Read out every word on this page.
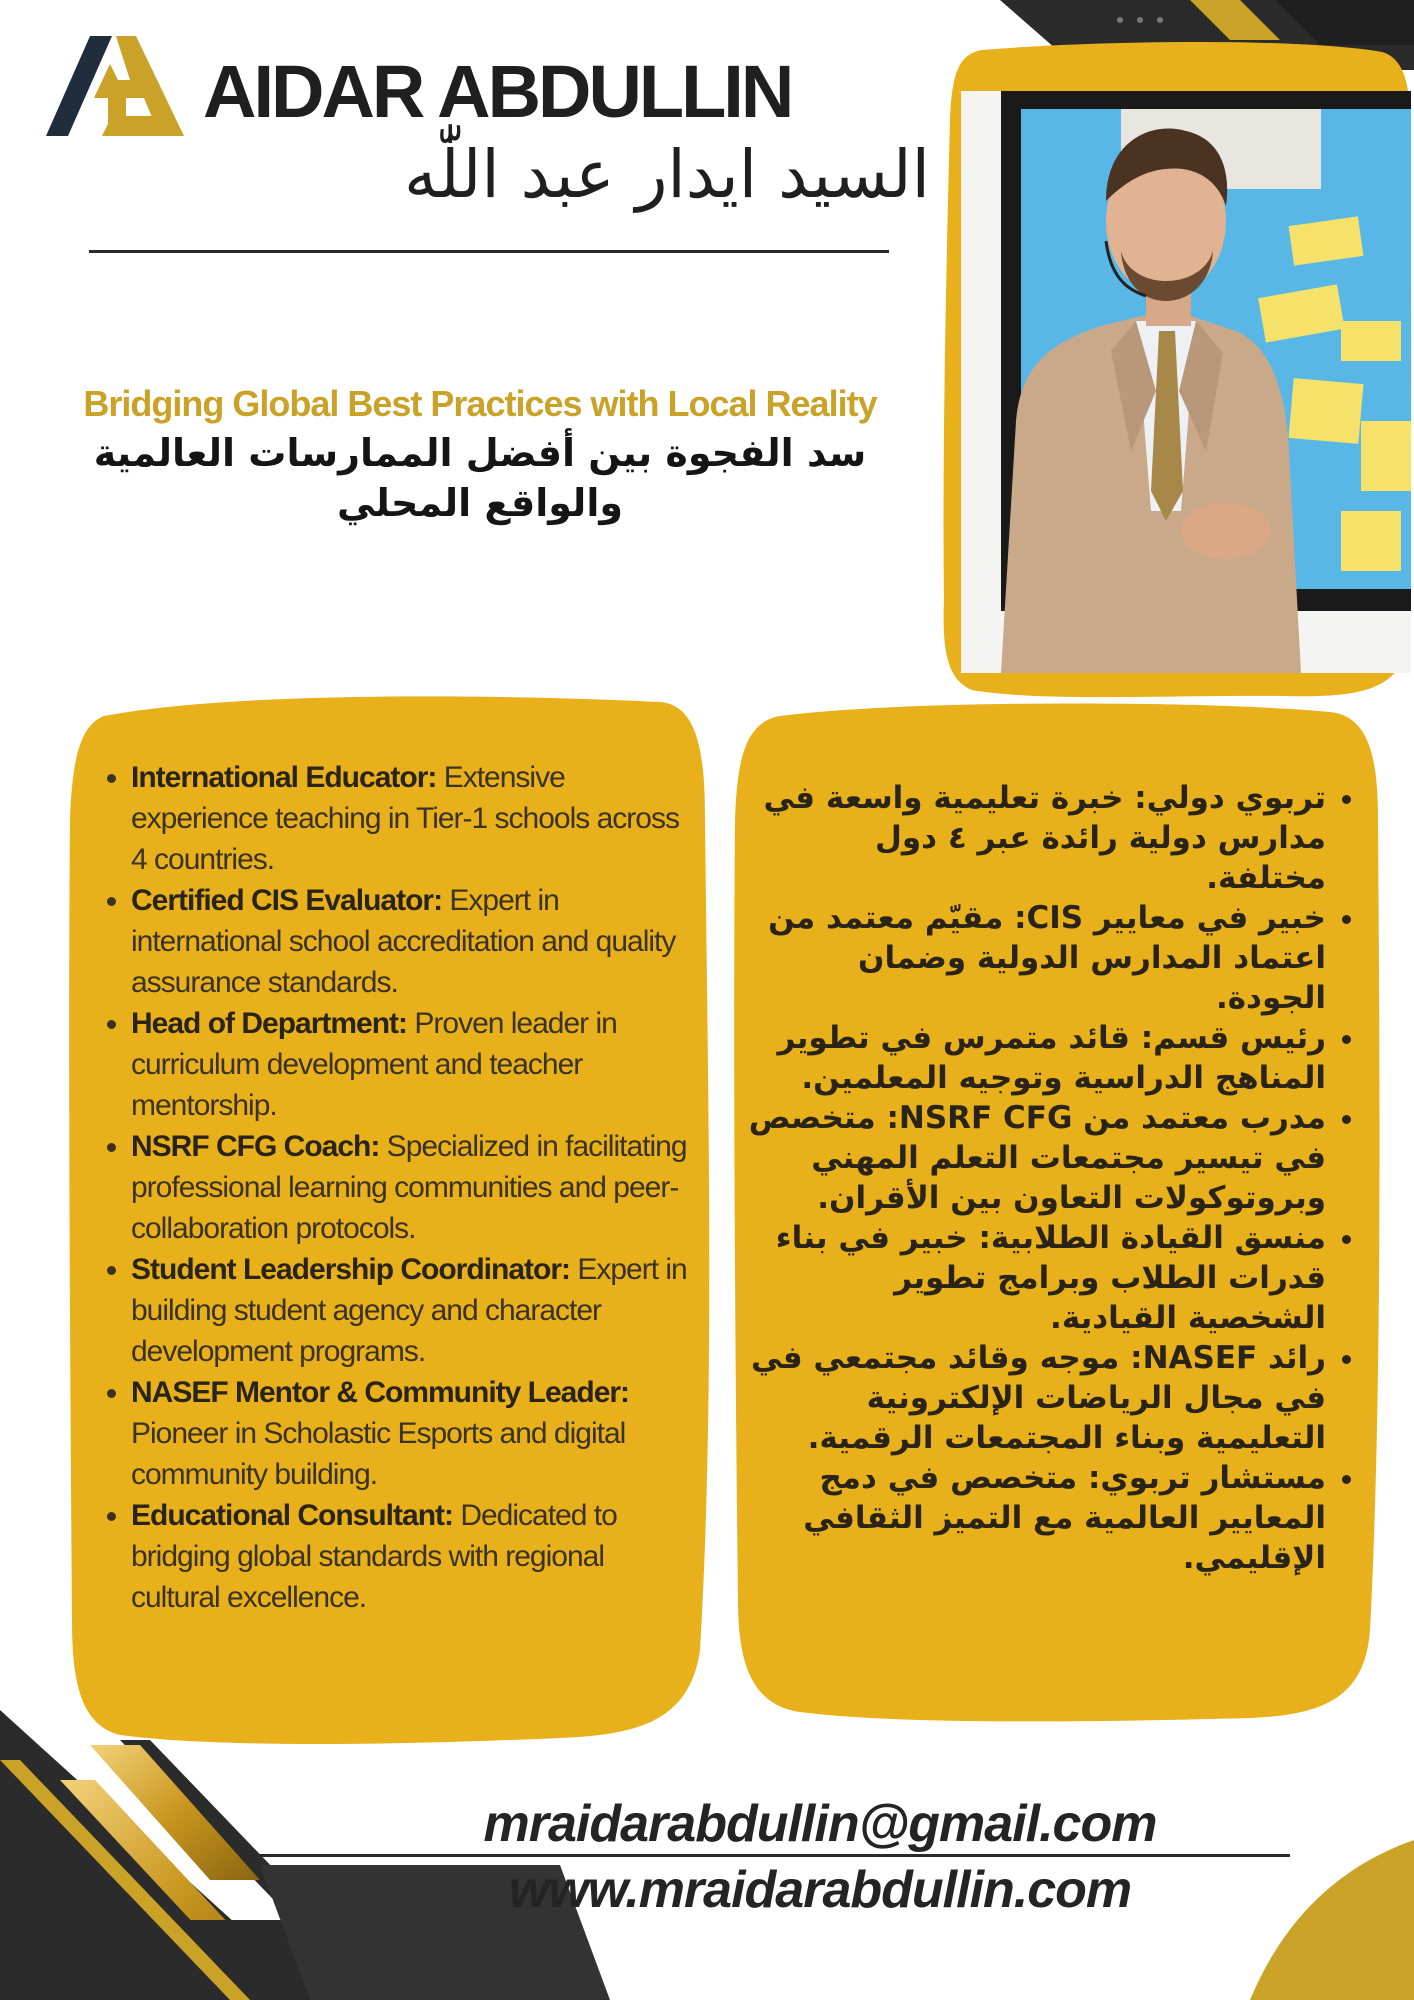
AIDAR ABDULLIN
السيد ايدار عبد اللّٰه
Bridging Global Best Practices with Local Reality
سد الفجوة بين أفضل الممارسات العالمية والواقع المحلي
• International Educator: Extensive experience teaching in Tier-1 schools across 4 countries.
• Certified CIS Evaluator: Expert in international school accreditation and quality assurance standards.
• Head of Department: Proven leader in curriculum development and teacher mentorship.
• NSRF CFG Coach: Specialized in facilitating professional learning communities and peer-collaboration protocols.
• Student Leadership Coordinator: Expert in building student agency and character development programs.
• NASEF Mentor & Community Leader: Pioneer in Scholastic Esports and digital community building.
• Educational Consultant: Dedicated to bridging global standards with regional cultural excellence.
• تربوي دولي: خبرة تعليمية واسعة في مدارس دولية رائدة عبر ٤ دول مختلفة.
• خبير في معايير CIS: مقيّم معتمد من اعتماد المدارس الدولية وضمان الجودة.
• رئيس قسم: قائد متمرس في تطوير المناهج الدراسية وتوجيه المعلمين.
• مدرب معتمد من NSRF CFG: متخصص في تيسير مجتمعات التعلم المهني وبروتوكولات التعاون بين الأقران.
• منسق القيادة الطلابية: خبير في بناء قدرات الطلاب وبرامج تطوير الشخصية القيادية.
• رائد NASEF: موجه وقائد مجتمعي في في مجال الرياضات الإلكترونية التعليمية وبناء المجتمعات الرقمية.
• مستشار تربوي: متخصص في دمج المعايير العالمية مع التميز الثقافي الإقليمي.
mraidarabdullin@gmail.com
www.mraidarabdullin.com
